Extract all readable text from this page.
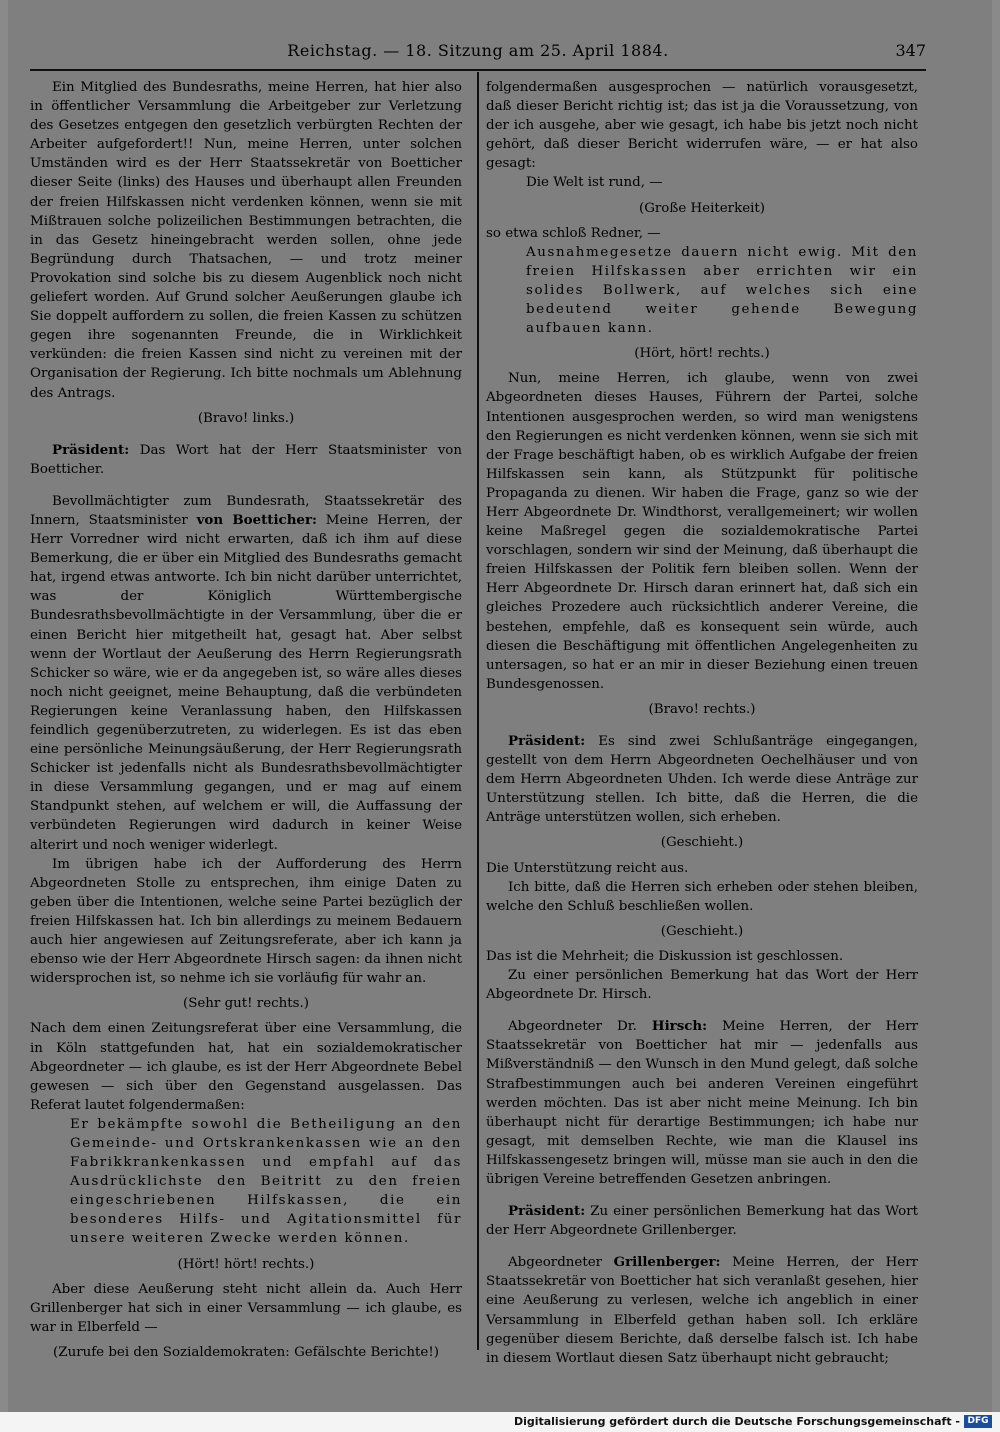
Reichstag. — 18. Sitzung am 25. April 1884.	347

Ein Mitglied des Bundesraths, meine Herren, hat hier also in öffentlicher Versammlung die Arbeitgeber zur Verletzung des Gesetzes entgegen den gesetzlich verbürgten Rechten der Arbeiter aufgefordert!! Nun, meine Herren, unter solchen Umständen wird es der Herr Staatssekretär von Boetticher dieser Seite (links) des Hauses und überhaupt allen Freunden der freien Hilfskassen nicht verdenken können, wenn sie mit Mißtrauen solche polizeilichen Bestimmungen betrachten, die in das Gesetz hineingebracht werden sollen, ohne jede Begründung durch Thatsachen, — und trotz meiner Provokation sind solche bis zu diesem Augenblick noch nicht geliefert worden. Auf Grund solcher Aeußerungen glaube ich Sie doppelt auffordern zu sollen, die freien Kassen zu schützen gegen ihre sogenannten Freunde, die in Wirklichkeit verkünden: die freien Kassen sind nicht zu vereinen mit der Organisation der Regierung. Ich bitte nochmals um Ablehnung des Antrags.

(Bravo! links.)

Präsident: Das Wort hat der Herr Staatsminister von Boetticher.

Bevollmächtigter zum Bundesrath, Staatssekretär des Innern, Staatsminister von Boetticher: Meine Herren, der Herr Vorredner wird nicht erwarten, daß ich ihm auf diese Bemerkung, die er über ein Mitglied des Bundesraths gemacht hat, irgend etwas antworte. Ich bin nicht darüber unterrichtet, was der Königlich Württembergische Bundesrathsbevollmächtigte in der Versammlung, über die er einen Bericht hier mitgetheilt hat, gesagt hat. Aber selbst wenn der Wortlaut der Aeußerung des Herrn Regierungsrath Schicker so wäre, wie er da angegeben ist, so wäre alles dieses noch nicht geeignet, meine Behauptung, daß die verbündeten Regierungen keine Veranlassung haben, den Hilfskassen feindlich gegenüberzutreten, zu widerlegen. Es ist das eben eine persönliche Meinungsäußerung, der Herr Regierungsrath Schicker ist jedenfalls nicht als Bundesrathsbevollmächtigter in diese Versammlung gegangen, und er mag auf einem Standpunkt stehen, auf welchem er will, die Auffassung der verbündeten Regierungen wird dadurch in keiner Weise alterirt und noch weniger widerlegt.

Im übrigen habe ich der Aufforderung des Herrn Abgeordneten Stolle zu entsprechen, ihm einige Daten zu geben über die Intentionen, welche seine Partei bezüglich der freien Hilfskassen hat. Ich bin allerdings zu meinem Bedauern auch hier angewiesen auf Zeitungsreferate, aber ich kann ja ebenso wie der Herr Abgeordnete Hirsch sagen: da ihnen nicht widersprochen ist, so nehme ich sie vorläufig für wahr an.

(Sehr gut! rechts.)

Nach dem einen Zeitungsreferat über eine Versammlung, die in Köln stattgefunden hat, hat ein sozialdemokratischer Abgeordneter — ich glaube, es ist der Herr Abgeordnete Bebel gewesen — sich über den Gegenstand ausgelassen. Das Referat lautet folgendermaßen:

Er bekämpfte sowohl die Betheiligung an den Gemeinde- und Ortskrankenkassen wie an den Fabrikkrankenkassen und empfahl auf das Ausdrücklichste den Beitritt zu den freien eingeschriebenen Hilfskassen, die ein besonderes Hilfs- und Agitationsmittel für unsere weiteren Zwecke werden können.

(Hört! hört! rechts.)

Aber diese Aeußerung steht nicht allein da. Auch Herr Grillenberger hat sich in einer Versammlung — ich glaube, es war in Elberfeld —

(Zurufe bei den Sozialdemokraten: Gefälschte Berichte!)

folgendermaßen ausgesprochen — natürlich vorausgesetzt, daß dieser Bericht richtig ist; das ist ja die Voraussetzung, von der ich ausgehe, aber wie gesagt, ich habe bis jetzt noch nicht gehört, daß dieser Bericht widerrufen wäre, — er hat also gesagt:

Die Welt ist rund, —

(Große Heiterkeit)

so etwa schloß Redner, —

Ausnahmegesetze dauern nicht ewig. Mit den freien Hilfskassen aber errichten wir ein solides Bollwerk, auf welches sich eine bedeutend weiter gehende Bewegung aufbauen kann.

(Hört, hört! rechts.)

Nun, meine Herren, ich glaube, wenn von zwei Abgeordneten dieses Hauses, Führern der Partei, solche Intentionen ausgesprochen werden, so wird man wenigstens den Regierungen es nicht verdenken können, wenn sie sich mit der Frage beschäftigt haben, ob es wirklich Aufgabe der freien Hilfskassen sein kann, als Stützpunkt für politische Propaganda zu dienen. Wir haben die Frage, ganz so wie der Herr Abgeordnete Dr. Windthorst, verallgemeinert; wir wollen keine Maßregel gegen die sozialdemokratische Partei vorschlagen, sondern wir sind der Meinung, daß überhaupt die freien Hilfskassen der Politik fern bleiben sollen. Wenn der Herr Abgeordnete Dr. Hirsch daran erinnert hat, daß sich ein gleiches Prozedere auch rücksichtlich anderer Vereine, die bestehen, empfehle, daß es konsequent sein würde, auch diesen die Beschäftigung mit öffentlichen Angelegenheiten zu untersagen, so hat er an mir in dieser Beziehung einen treuen Bundesgenossen.

(Bravo! rechts.)

Präsident: Es sind zwei Schlußanträge eingegangen, gestellt von dem Herrn Abgeordneten Oechelhäuser und von dem Herrn Abgeordneten Uhden. Ich werde diese Anträge zur Unterstützung stellen. Ich bitte, daß die Herren, die die Anträge unterstützen wollen, sich erheben.

(Geschieht.)

Die Unterstützung reicht aus.

Ich bitte, daß die Herren sich erheben oder stehen bleiben, welche den Schluß beschließen wollen.

(Geschieht.)

Das ist die Mehrheit; die Diskussion ist geschlossen.

Zu einer persönlichen Bemerkung hat das Wort der Herr Abgeordnete Dr. Hirsch.

Abgeordneter Dr. Hirsch: Meine Herren, der Herr Staatssekretär von Boetticher hat mir — jedenfalls aus Mißverständniß — den Wunsch in den Mund gelegt, daß solche Strafbestimmungen auch bei anderen Vereinen eingeführt werden möchten. Das ist aber nicht meine Meinung. Ich bin überhaupt nicht für derartige Bestimmungen; ich habe nur gesagt, mit demselben Rechte, wie man die Klausel ins Hilfskassengesetz bringen will, müsse man sie auch in den die übrigen Vereine betreffenden Gesetzen anbringen.

Präsident: Zu einer persönlichen Bemerkung hat das Wort der Herr Abgeordnete Grillenberger.

Abgeordneter Grillenberger: Meine Herren, der Herr Staatssekretär von Boetticher hat sich veranlaßt gesehen, hier eine Aeußerung zu verlesen, welche ich angeblich in einer Versammlung in Elberfeld gethan haben soll. Ich erkläre gegenüber diesem Berichte, daß derselbe falsch ist. Ich habe in diesem Wortlaut diesen Satz überhaupt nicht gebraucht;

Digitalisierung gefördert durch die Deutsche Forschungsgemeinschaft - DFG
